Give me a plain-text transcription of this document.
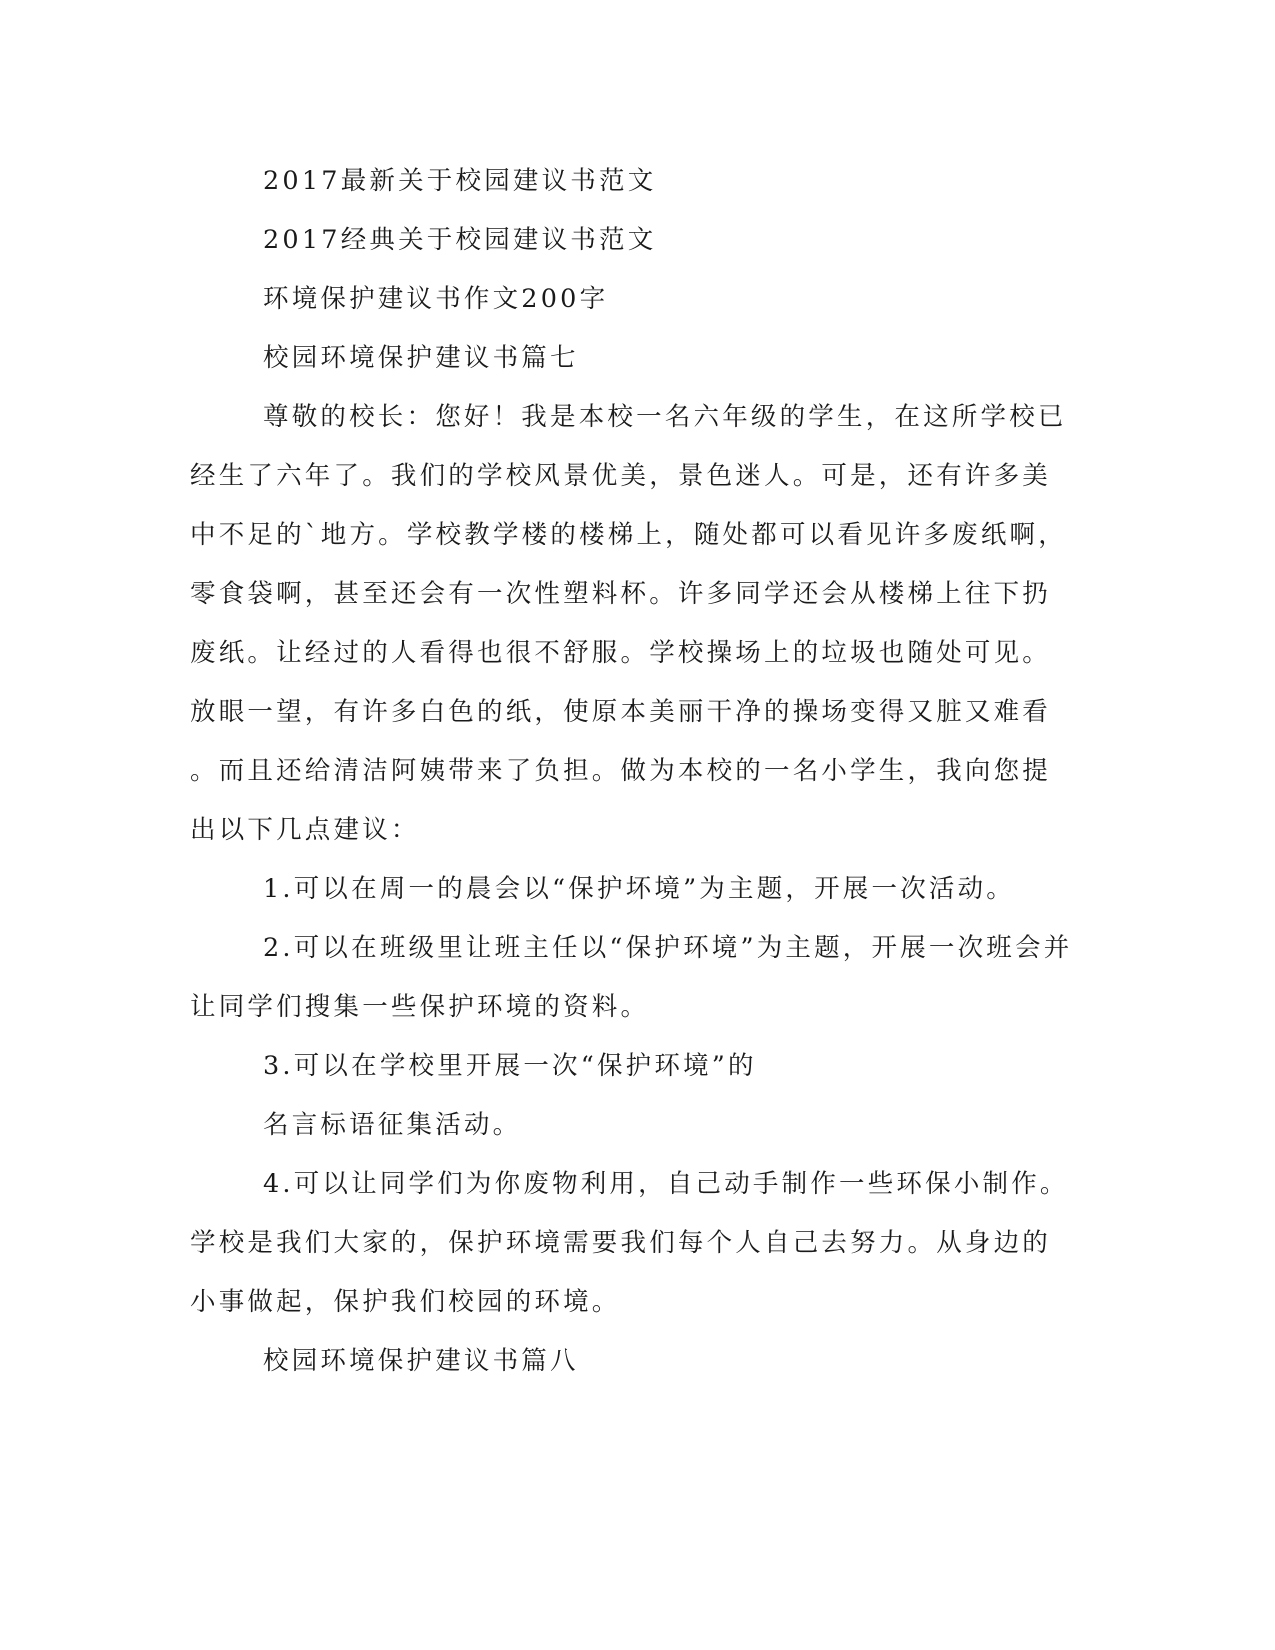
2017最新关于校园建议书范文
2017经典关于校园建议书范文
环境保护建议书作文200字
校园环境保护建议书篇七
尊敬的校长：您好！我是本校一名六年级的学生，在这所学校已
经生了六年了。我们的学校风景优美，景色迷人。可是，还有许多美
中不足的`地方。学校教学楼的楼梯上，随处都可以看见许多废纸啊，
零食袋啊，甚至还会有一次性塑料杯。许多同学还会从楼梯上往下扔
废纸。让经过的人看得也很不舒服。学校操场上的垃圾也随处可见。
放眼一望，有许多白色的纸，使原本美丽干净的操场变得又脏又难看
。而且还给清洁阿姨带来了负担。做为本校的一名小学生，我向您提
出以下几点建议：
1.可以在周一的晨会以“保护坏境”为主题，开展一次活动。
2.可以在班级里让班主任以“保护环境”为主题，开展一次班会并
让同学们搜集一些保护环境的资料。
3.可以在学校里开展一次“保护环境”的
名言标语征集活动。
4.可以让同学们为你废物利用，自己动手制作一些环保小制作。
学校是我们大家的，保护环境需要我们每个人自己去努力。从身边的
小事做起，保护我们校园的环境。
校园环境保护建议书篇八
